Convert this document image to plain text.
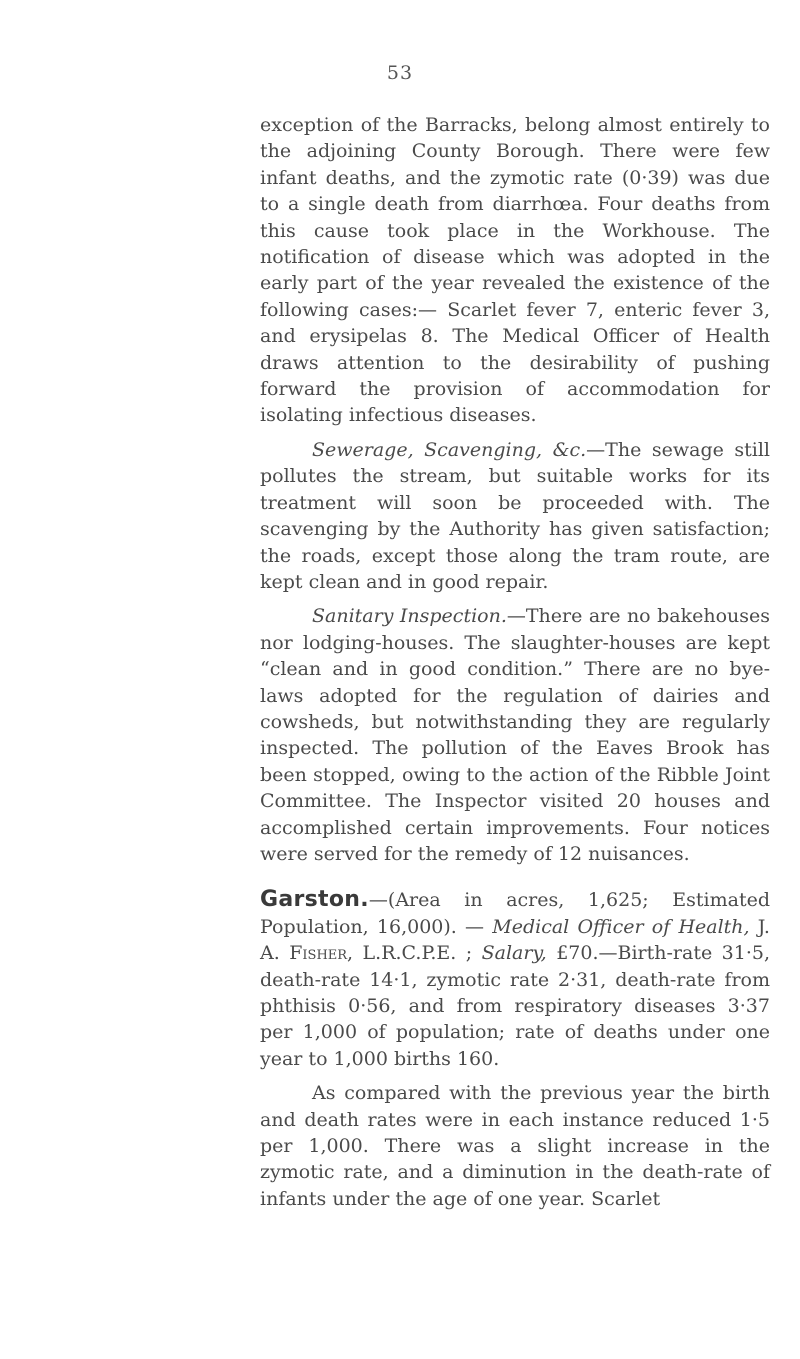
53

exception of the Barracks, belong almost entirely to the adjoining County Borough. There were few infant deaths, and the zymotic rate (0·39) was due to a single death from diarrhœa. Four deaths from this cause took place in the Workhouse. The notification of disease which was adopted in the early part of the year revealed the existence of the following cases:— Scarlet fever 7, enteric fever 3, and erysipelas 8. The Medical Officer of Health draws attention to the desirability of pushing forward the provision of accommodation for isolating infectious diseases.

Sewerage, Scavenging, &c.—The sewage still pollutes the stream, but suitable works for its treatment will soon be proceeded with. The scavenging by the Authority has given satisfaction; the roads, except those along the tram route, are kept clean and in good repair.

Sanitary Inspection.—There are no bakehouses nor lodging-houses. The slaughter-houses are kept “clean and in good condition.” There are no bye-laws adopted for the regulation of dairies and cowsheds, but notwithstanding they are regularly inspected. The pollution of the Eaves Brook has been stopped, owing to the action of the Ribble Joint Committee. The Inspector visited 20 houses and accomplished certain improvements. Four notices were served for the remedy of 12 nuisances.

Garston.—(Area in acres, 1,625; Estimated Population, 16,000). — Medical Officer of Health, J. A. Fisher, L.R.C.P.E. ; Salary, £70.—Birth-rate 31·5, death-rate 14·1, zymotic rate 2·31, death-rate from phthisis 0·56, and from respiratory diseases 3·37 per 1,000 of population; rate of deaths under one year to 1,000 births 160.

As compared with the previous year the birth and death rates were in each instance reduced 1·5 per 1,000. There was a slight increase in the zymotic rate, and a diminution in the death-rate of infants under the age of one year. Scarlet
